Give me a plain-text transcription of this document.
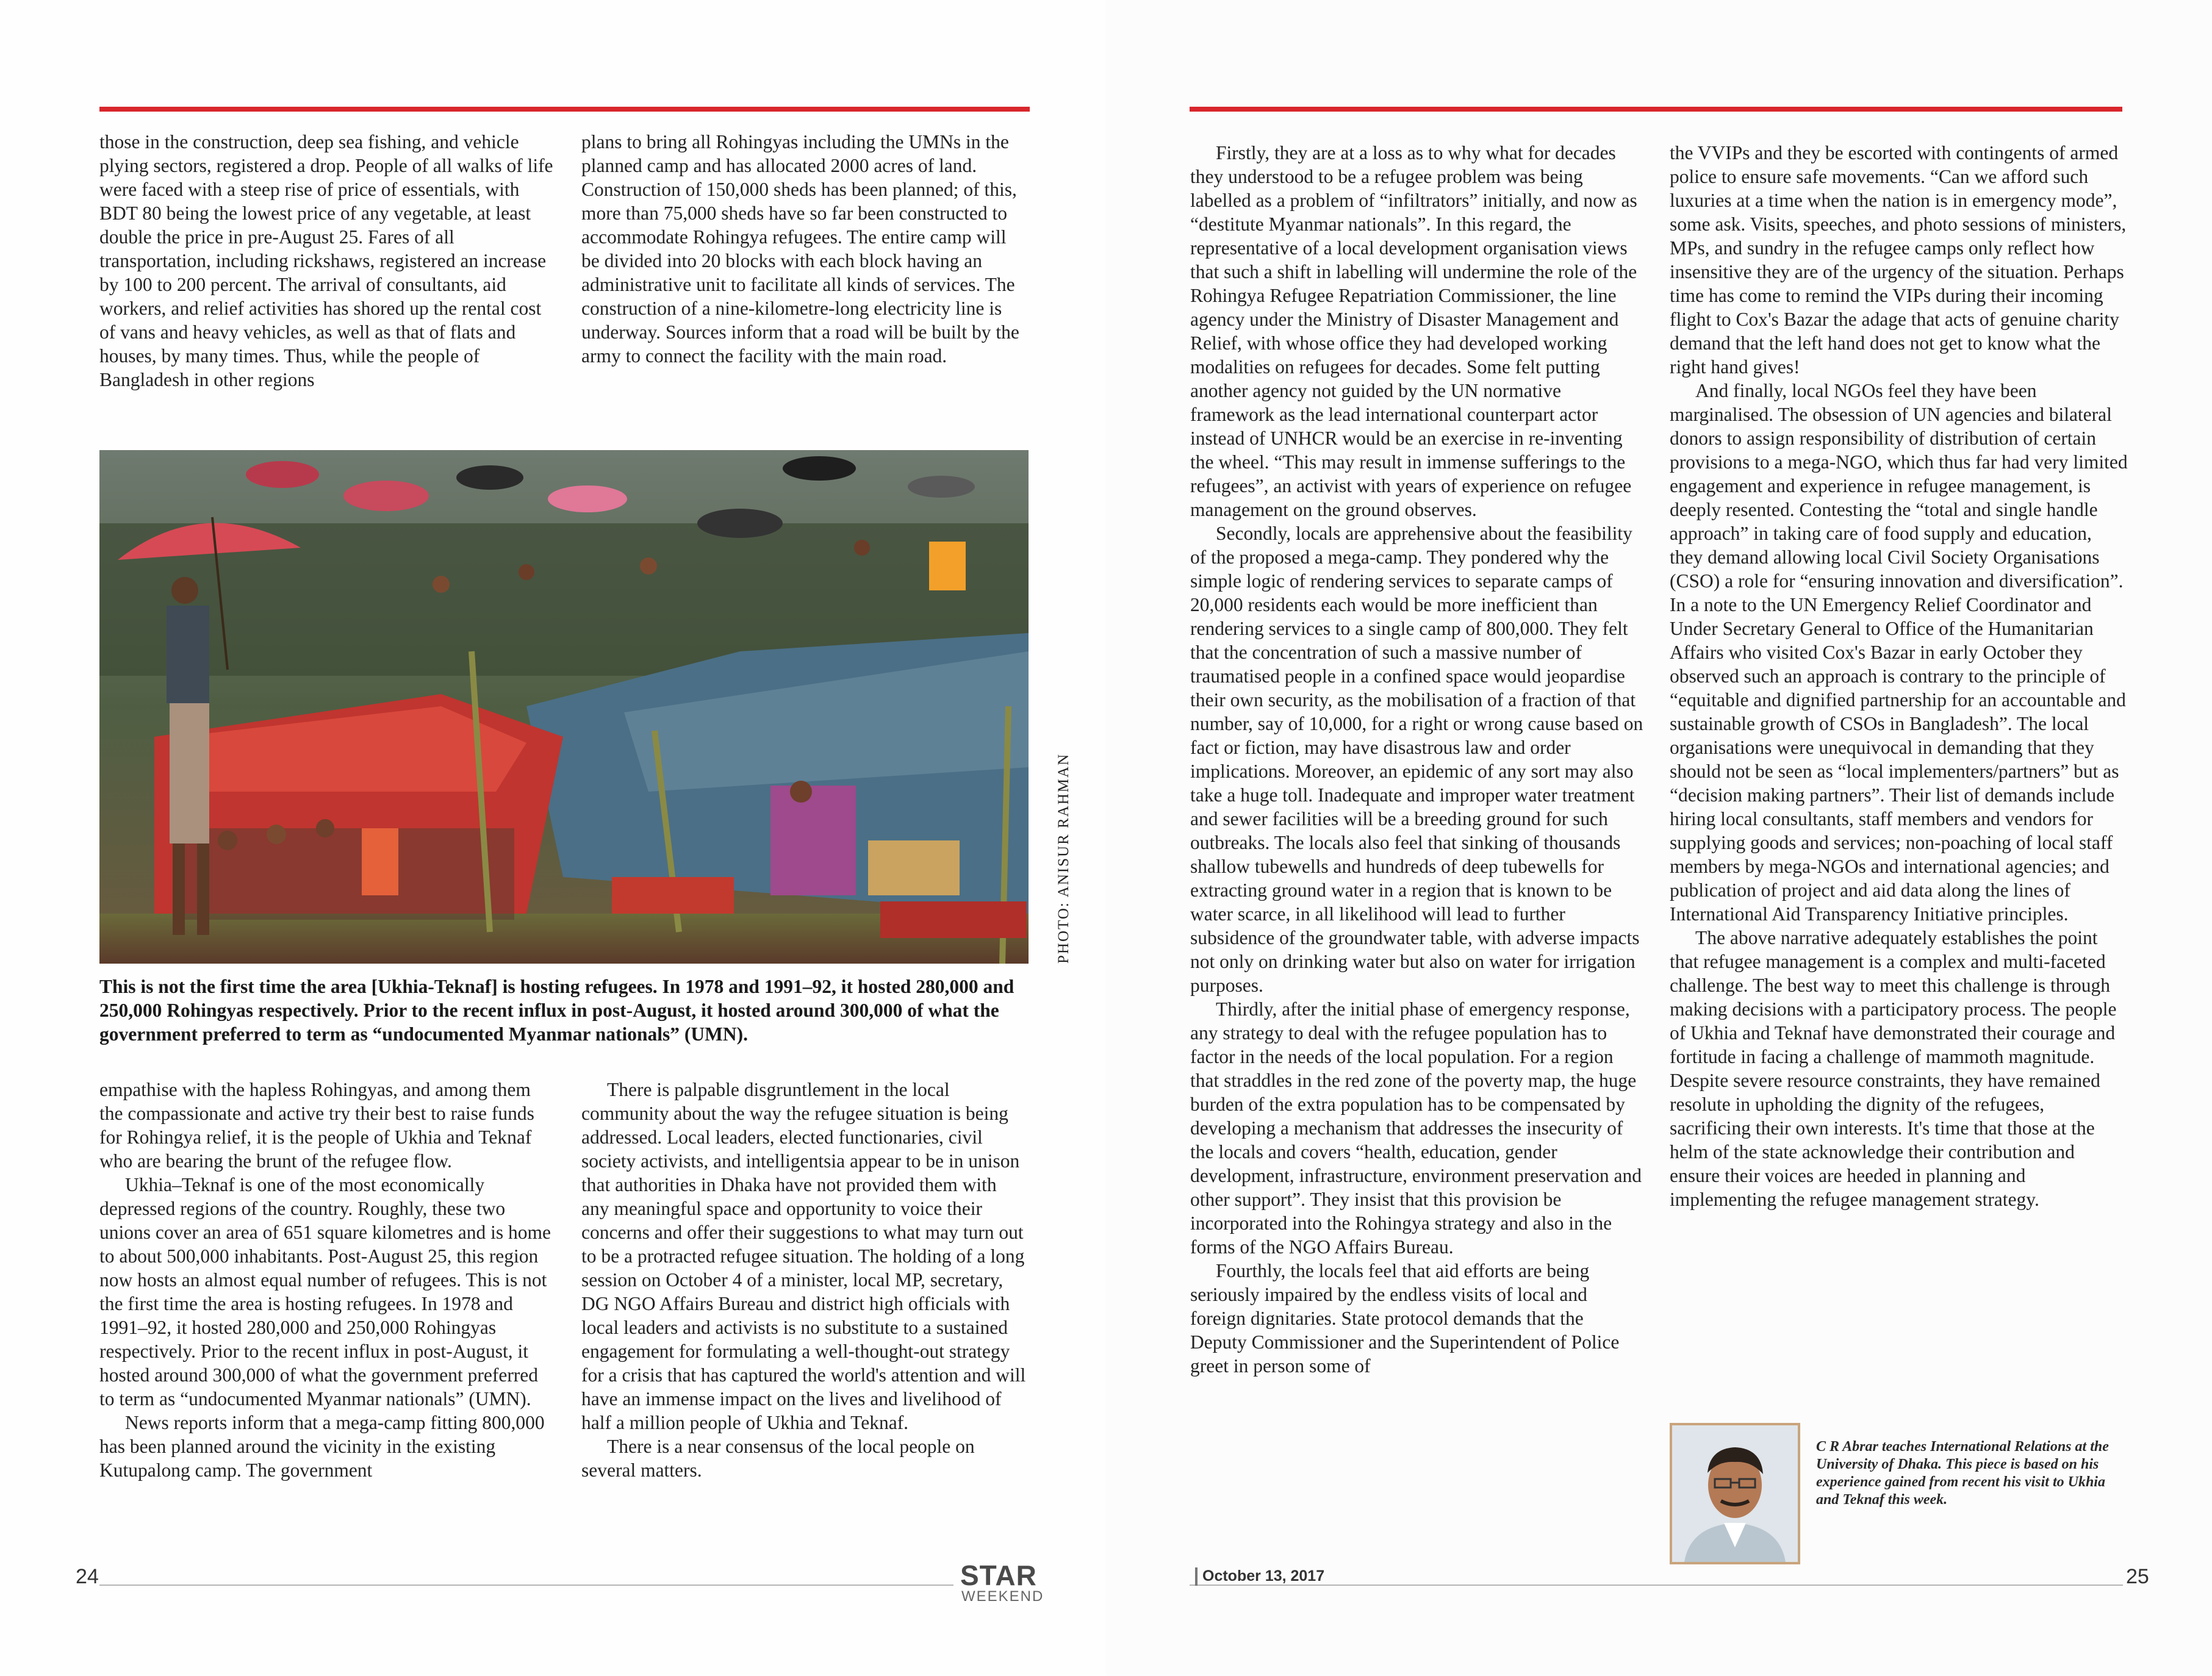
those in the construction, deep sea fishing, and vehicle plying sectors, registered a drop. People of all walks of life were faced with a steep rise of price of essentials, with BDT 80 being the lowest price of any vegetable, at least double the price in pre-August 25. Fares of all transportation, including rickshaws, registered an increase by 100 to 200 percent. The arrival of consultants, aid workers, and relief activities has shored up the rental cost of vans and heavy vehicles, as well as that of flats and houses, by many times. Thus, while the people of Bangladesh in other regions

plans to bring all Rohingyas including the UMNs in the planned camp and has allocated 2000 acres of land. Construction of 150,000 sheds has been planned; of this, more than 75,000 sheds have so far been constructed to accommodate Rohingya refugees. The entire camp will be divided into 20 blocks with each block having an administrative unit to facilitate all kinds of services. The construction of a nine-kilometre-long electricity line is underway. Sources inform that a road will be built by the army to connect the facility with the main road.

PHOTO: ANISUR RAHMAN
This is not the first time the area [Ukhia-Teknaf] is hosting refugees. In 1978 and 1991–92, it hosted 280,000 and 250,000 Rohingyas respectively. Prior to the recent influx in post-August, it hosted around 300,000 of what the government preferred to term as “undocumented Myanmar nationals” (UMN).

empathise with the hapless Rohingyas, and among them the compassionate and active try their best to raise funds for Rohingya relief, it is the people of Ukhia and Teknaf who are bearing the brunt of the refugee flow.

Ukhia–Teknaf is one of the most economically depressed regions of the country. Roughly, these two unions cover an area of 651 square kilometres and is home to about 500,000 inhabitants. Post-August 25, this region now hosts an almost equal number of refugees. This is not the first time the area is hosting refugees. In 1978 and 1991–92, it hosted 280,000 and 250,000 Rohingyas respectively. Prior to the recent influx in post-August, it hosted around 300,000 of what the government preferred to term as “undocumented Myanmar nationals” (UMN).

News reports inform that a mega-camp fitting 800,000 has been planned around the vicinity in the existing Kutupalong camp. The government

There is palpable disgruntlement in the local community about the way the refugee situation is being addressed. Local leaders, elected functionaries, civil society activists, and intelligentsia appear to be in unison that authorities in Dhaka have not provided them with any meaningful space and opportunity to voice their concerns and offer their suggestions to what may turn out to be a protracted refugee situation. The holding of a long session on October 4 of a minister, local MP, secretary, DG NGO Affairs Bureau and district high officials with local leaders and activists is no substitute to a sustained engagement for formulating a well-thought-out strategy for a crisis that has captured the world's attention and will have an immense impact on the lives and livelihood of half a million people of Ukhia and Teknaf.

There is a near consensus of the local people on several matters.

24	STAR
WEEKEND

Firstly, they are at a loss as to why what for decades they understood to be a refugee problem was being labelled as a problem of “infiltrators” initially, and now as “destitute Myanmar nationals”. In this regard, the representative of a local development organisation views that such a shift in labelling will undermine the role of the Rohingya Refugee Repatriation Commissioner, the line agency under the Ministry of Disaster Management and Relief, with whose office they had developed working modalities on refugees for decades. Some felt putting another agency not guided by the UN normative framework as the lead international counterpart actor instead of UNHCR would be an exercise in re-inventing the wheel. “This may result in immense sufferings to the refugees”, an activist with years of experience on refugee management on the ground observes.

Secondly, locals are apprehensive about the feasibility of the proposed a mega-camp. They pondered why the simple logic of rendering services to separate camps of 20,000 residents each would be more inefficient than rendering services to a single camp of 800,000. They felt that the concentration of such a massive number of traumatised people in a confined space would jeopardise their own security, as the mobilisation of a fraction of that number, say of 10,000, for a right or wrong cause based on fact or fiction, may have disastrous law and order implications. Moreover, an epidemic of any sort may also take a huge toll. Inadequate and improper water treatment and sewer facilities will be a breeding ground for such outbreaks. The locals also feel that sinking of thousands shallow tubewells and hundreds of deep tubewells for extracting ground water in a region that is known to be water scarce, in all likelihood will lead to further subsidence of the groundwater table, with adverse impacts not only on drinking water but also on water for irrigation purposes.

Thirdly, after the initial phase of emergency response, any strategy to deal with the refugee population has to factor in the needs of the local population. For a region that straddles in the red zone of the poverty map, the huge burden of the extra population has to be compensated by developing a mechanism that addresses the insecurity of the locals and covers “health, education, gender development, infrastructure, environment preservation and other support”. They insist that this provision be incorporated into the Rohingya strategy and also in the forms of the NGO Affairs Bureau.

Fourthly, the locals feel that aid efforts are being seriously impaired by the endless visits of local and foreign dignitaries. State protocol demands that the Deputy Commissioner and the Superintendent of Police greet in person some of

the VVIPs and they be escorted with contingents of armed police to ensure safe movements. “Can we afford such luxuries at a time when the nation is in emergency mode”, some ask. Visits, speeches, and photo sessions of ministers, MPs, and sundry in the refugee camps only reflect how insensitive they are of the urgency of the situation. Perhaps time has come to remind the VIPs during their incoming flight to Cox's Bazar the adage that acts of genuine charity demand that the left hand does not get to know what the right hand gives!

And finally, local NGOs feel they have been marginalised. The obsession of UN agencies and bilateral donors to assign responsibility of distribution of certain provisions to a mega-NGO, which thus far had very limited engagement and experience in refugee management, is deeply resented. Contesting the “total and single handle approach” in taking care of food supply and education, they demand allowing local Civil Society Organisations (CSO) a role for “ensuring innovation and diversification”. In a note to the UN Emergency Relief Coordinator and Under Secretary General to Office of the Humanitarian Affairs who visited Cox's Bazar in early October they observed such an approach is contrary to the principle of “equitable and dignified partnership for an accountable and sustainable growth of CSOs in Bangladesh”. The local organisations were unequivocal in demanding that they should not be seen as “local implementers/partners” but as “decision making partners”. Their list of demands include hiring local consultants, staff members and vendors for supplying goods and services; non-poaching of local staff members by mega-NGOs and international agencies; and publication of project and aid data along the lines of International Aid Transparency Initiative principles.

The above narrative adequately establishes the point that refugee management is a complex and multi-faceted challenge. The best way to meet this challenge is through making decisions with a participatory process. The people of Ukhia and Teknaf have demonstrated their courage and fortitude in facing a challenge of mammoth magnitude. Despite severe resource constraints, they have remained resolute in upholding the dignity of the refugees, sacrificing their own interests. It's time that those at the helm of the state acknowledge their contribution and ensure their voices are heeded in planning and implementing the refugee management strategy.

25
October 13, 2017
C R Abrar teaches International Relations at the University of Dhaka. This piece is based on his experience gained from recent his visit to Ukhia and Teknaf this week.
